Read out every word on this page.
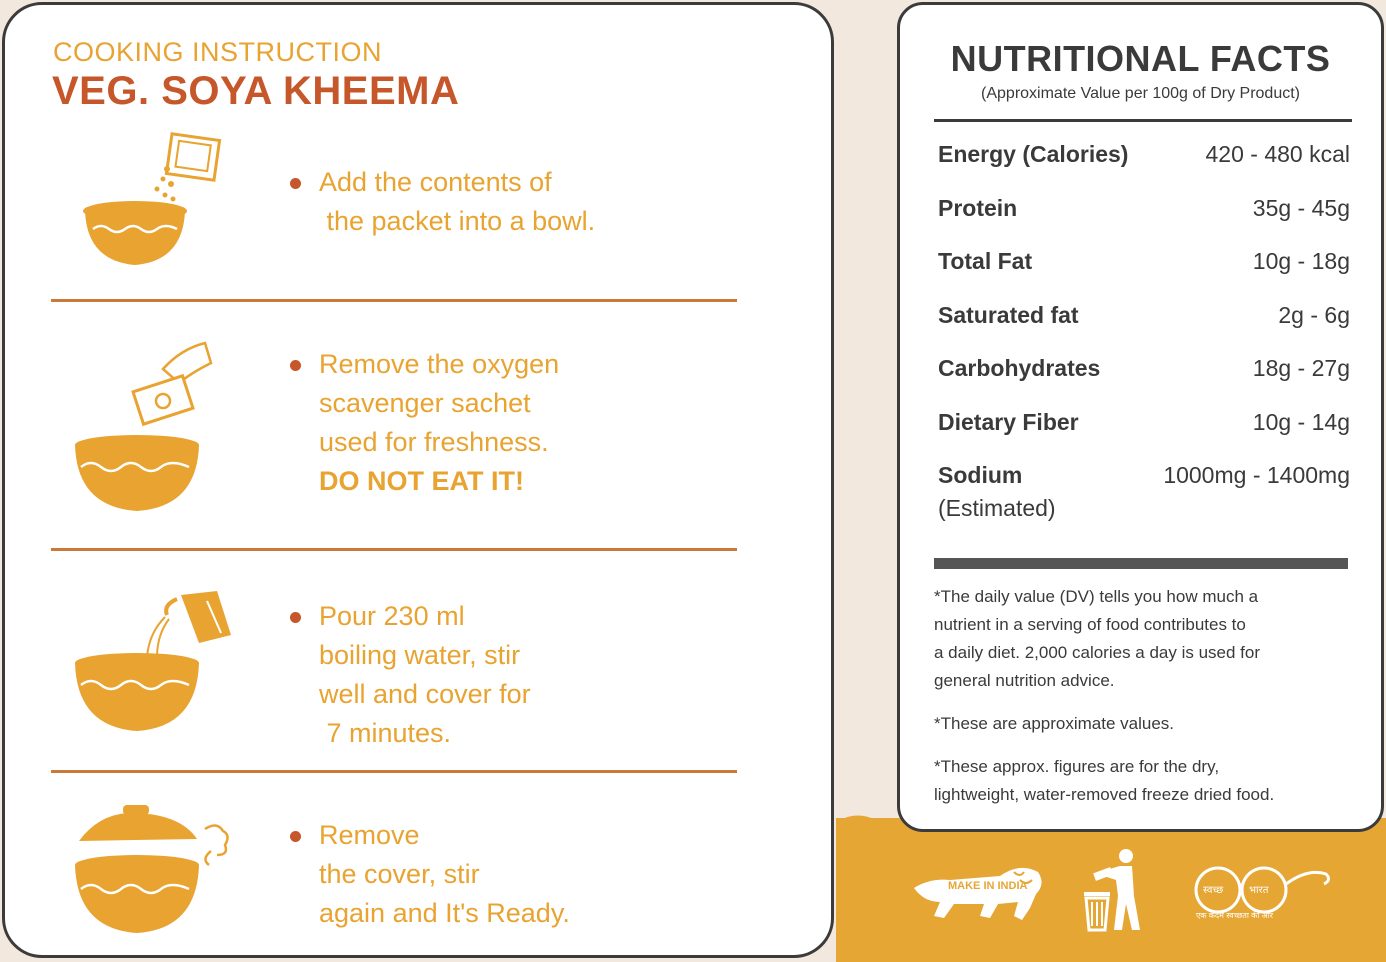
COOKING INSTRUCTION
VEG. SOYA KHEEMA
Add the contents of
the packet into a bowl.
Remove the oxygen
scavenger sachet
used for freshness.
DO NOT EAT IT!
Pour 230 ml
boiling water, stir
well and cover for
7 minutes.
Remove
the cover, stir
again and It's Ready.
NUTRITIONAL FACTS
(Approximate Value per 100g of Dry Product)
Energy (Calories)	420 - 480 kcal
Protein	35g - 45g
Total Fat	10g - 18g
Saturated fat	2g - 6g
Carbohydrates	18g - 27g
Dietary Fiber	10g - 14g
Sodium	1000mg - 1400mg
(Estimated)
*The daily value (DV) tells you how much a
nutrient in a serving of food contributes to
a daily diet. 2,000 calories a day is used for
general nutrition advice.
*These are approximate values.
*These approx. figures are for the dry,
lightweight, water-removed freeze dried food.
MAKE IN INDIA	स्वच्छ	भारत
एक कदम स्वच्छता की ओर
